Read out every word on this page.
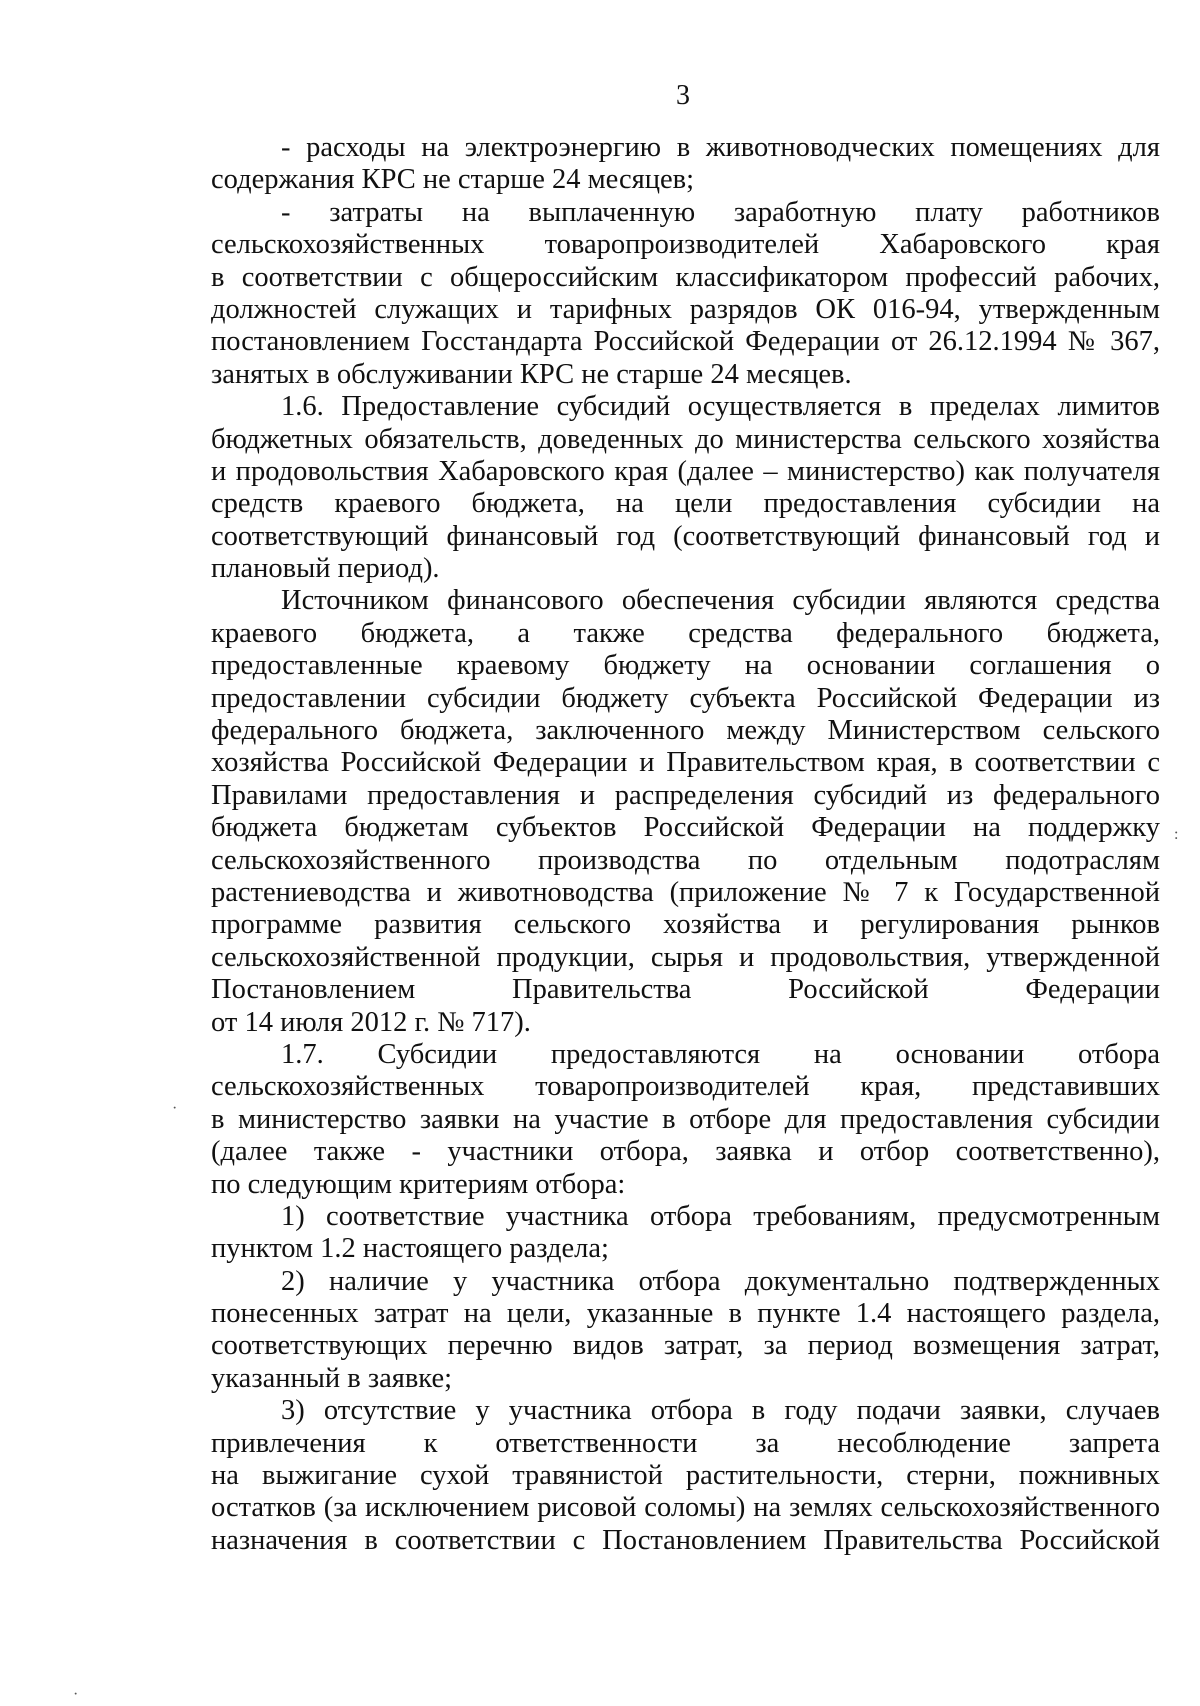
3
- расходы на электроэнергию в животноводческих помещениях для
содержания КРС не старше 24 месяцев;
- затраты на выплаченную заработную плату работников
сельскохозяйственных товаропроизводителей Хабаровского края
в соответствии с общероссийским классификатором профессий рабочих,
должностей служащих и тарифных разрядов ОК 016-94, утвержденным
постановлением Госстандарта Российской Федерации от 26.12.1994 № 367,
занятых в обслуживании КРС не старше 24 месяцев.
1.6. Предоставление субсидий осуществляется в пределах лимитов
бюджетных обязательств, доведенных до министерства сельского хозяйства
и продовольствия Хабаровского края (далее – министерство) как получателя
средств краевого бюджета, на цели предоставления субсидии на
соответствующий финансовый год (соответствующий финансовый год и
плановый период).
Источником финансового обеспечения субсидии являются средства
краевого бюджета, а также средства федерального бюджета,
предоставленные краевому бюджету на основании соглашения о
предоставлении субсидии бюджету субъекта Российской Федерации из
федерального бюджета, заключенного между Министерством сельского
хозяйства Российской Федерации и Правительством края, в соответствии с
Правилами предоставления и распределения субсидий из федерального
бюджета бюджетам субъектов Российской Федерации на поддержку
сельскохозяйственного производства по отдельным подотраслям
растениеводства и животноводства (приложение № 7 к Государственной
программе развития сельского хозяйства и регулирования рынков
сельскохозяйственной продукции, сырья и продовольствия, утвержденной
Постановлением Правительства Российской Федерации
от 14 июля 2012 г. № 717).
1.7. Субсидии предоставляются на основании отбора
сельскохозяйственных товаропроизводителей края, представивших
в министерство заявки на участие в отборе для предоставления субсидии
(далее также - участники отбора, заявка и отбор соответственно),
по следующим критериям отбора:
1) соответствие участника отбора требованиям, предусмотренным
пунктом 1.2 настоящего раздела;
2) наличие у участника отбора документально подтвержденных
понесенных затрат на цели, указанные в пункте 1.4 настоящего раздела,
соответствующих перечню видов затрат, за период возмещения затрат,
указанный в заявке;
3) отсутствие у участника отбора в году подачи заявки, случаев
привлечения к ответственности за несоблюдение запрета
на выжигание сухой травянистой растительности, стерни, пожнивных
остатков (за исключением рисовой соломы) на землях сельскохозяйственного
назначения в соответствии с Постановлением Правительства Российской
:
·
·
